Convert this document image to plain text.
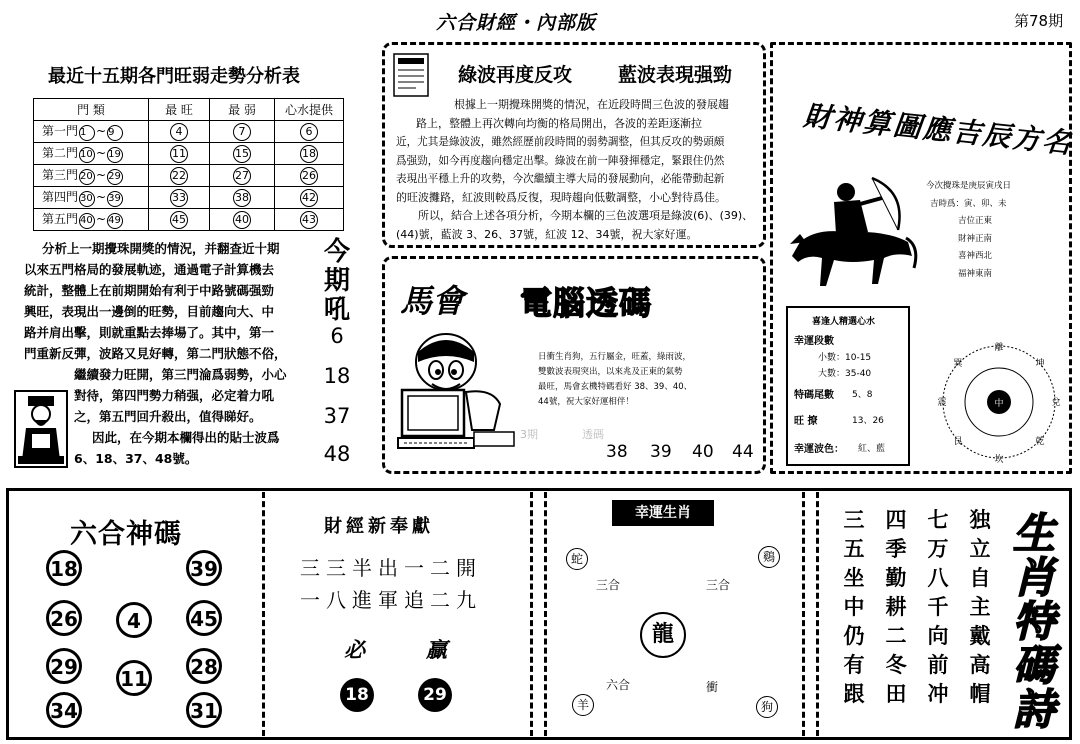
六合財經・內部版	第78期
最近十五期各門旺弱走勢分析表
門 類	最 旺	最 弱	心水提供
第一門 1 ~ 9	4	7	6
第二門 10 ~ 19	11	15	18
第三門 20 ~ 29	22	27	26
第四門 30 ~ 39	33	38	42
第五門 40 ~ 49	45	40	43
分析上一期攪珠開獎的情況，并翻查近十期
以來五門格局的發展軌迹，通過電子計算機去
統計，整體上在前期開始有利于中路號碼强勁
興旺，表現出一邊倒的旺勢，目前趨向大、中
路并肩出擊，則就重點去捧場了。其中，第一
門重新反彈，波路又見好轉，第二門狀態不俗，
繼續發力旺開，第三門淪爲弱勢，小心
對待，第四門勢力稍强，必定着力吼
之，第五門回升殺出，值得睇好。
因此，在今期本欄得出的貼士波爲
6、18、37、48號。
今期吼
6
18
37
48
綠波再度反攻 藍波表現强勁
根據上一期攪珠開獎的情況，在近段時間三色波的發展趨
路上，整體上再次轉向均衡的格局開出，各波的差距逐漸拉
近，尤其是綠波波，雖然經歷前段時間的弱勢調整，但其反攻的勢頭頗
爲强勁，如今再度趨向穩定出擊。綠波在前一陣發揮穩定，緊跟住仍然
表現出平穩上升的攻勢，今次繼續主導大局的發展動向，必能帶動起新
的旺波攤路，紅波則較爲反復，現時趨向低數調整，小心對待爲佳。
所以，結合上述各項分析，今期本欄的三色波選項是綠波(6)、(39)、
(44)號，藍波 3、26、37號，紅波 12、34號，祝大家好運。
馬會 電腦透碼
日衝生肖狗，五行屬金，旺蓋，綠雨波，
雙數波表現突出，以來兆及正東的氣勢
最旺，馬會玄機特碼看好 38、39、40、
44號，祝大家好運相伴！
3期　　　　透碼
38 39 40 44
財神算圖應吉辰方名
今次攪珠是庚辰寅戌日
吉時爲：寅、卯、未
吉位正東
財神正南
喜神西北
福神東南
喜逢人精選心水
幸運段數
小數：10-15
大數：35-40
特碼尾數 5、8
旺 撩	13、26
幸運波色： 紅、藍
中
離
坤
兌
乾
坎
艮
震
巽
六合神碼
18	39
26	4	45
29 11 28
34	31
財經新奉獻
三三半出一二開
一八進軍追二九
必	贏
18	29
幸運生肖
蛇	鷄
三合	三合
龍
六合	衝
羊	狗
三五坐中仍有跟
四季勤耕二冬田
七万八千向前冲
独立自主戴高帽
生肖特碼詩
